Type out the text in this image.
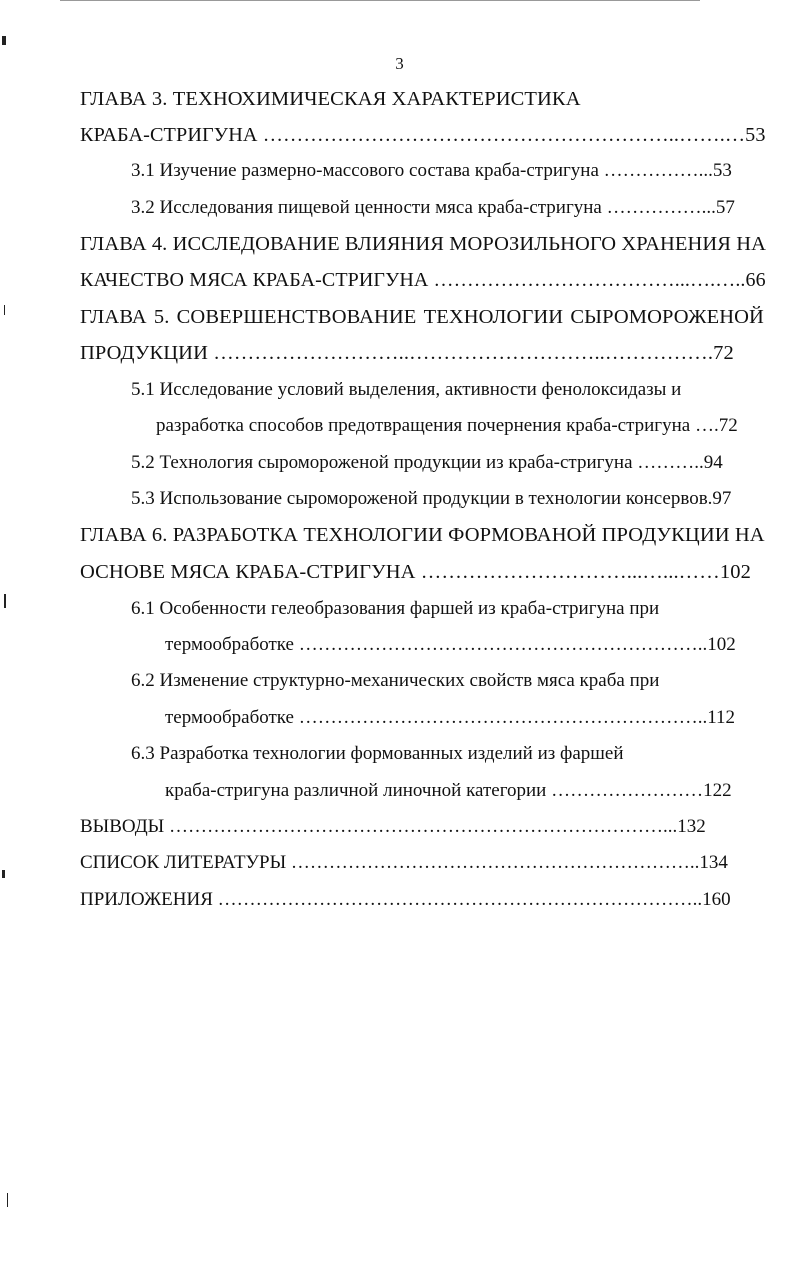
3
ГЛАВА 3. ТЕХНОХИМИЧЕСКАЯ ХАРАКТЕРИСТИКА
КРАБА-СТРИГУНА ……………………………………………………..…….…53
3.1 Изучение размерно-массового состава краба-стригуна ……………...53
3.2 Исследования пищевой ценности мяса краба-стригуна ……………...57
ГЛАВА 4. ИССЛЕДОВАНИЕ ВЛИЯНИЯ МОРОЗИЛЬНОГО ХРАНЕНИЯ НА
КАЧЕСТВО МЯСА КРАБА-СТРИГУНА ………………………………...….…..66
ГЛАВА 5. СОВЕРШЕНСТВОВАНИЕ ТЕХНОЛОГИИ СЫРОМОРОЖЕНОЙ
ПРОДУКЦИИ ………………………..………………………..…………….72
5.1 Исследование условий выделения, активности фенолоксидазы и
разработка способов предотвращения почернения краба-стригуна ….72
5.2 Технология сыромороженой продукции из краба-стригуна ………..94
5.3 Использование сыромороженой продукции в технологии консервов.97
ГЛАВА 6. РАЗРАБОТКА ТЕХНОЛОГИИ ФОРМОВАНОЙ ПРОДУКЦИИ НА
ОСНОВЕ МЯСА КРАБА-СТРИГУНА …………………………...…...……102
6.1 Особенности гелеобразования фаршей из краба-стригуна при
термообработке ………………………………………………………..102
6.2 Изменение структурно-механических свойств мяса краба при
термообработке ………………………………………………………..112
6.3 Разработка технологии формованных изделий из фаршей
краба-стригуна различной линочной категории ……………………122
ВЫВОДЫ ……………………………………………………………………...132
СПИСОК ЛИТЕРАТУРЫ ………………………………………………………..134
ПРИЛОЖЕНИЯ …………………………………………………………………..160
